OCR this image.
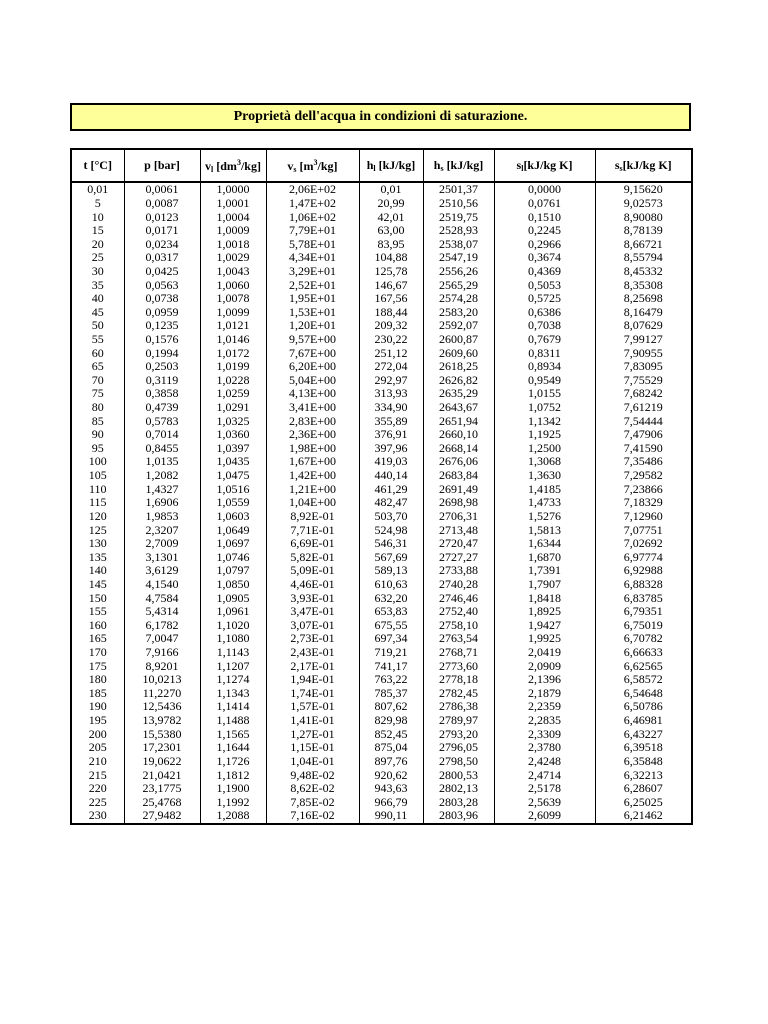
Proprietà dell'acqua in condizioni di saturazione.
t [°C]	p [bar]	$v_l$ $[dm^3/kg]$	$v_s$ $[m^3/kg]$	$h_l$ [kJ/kg]	$h_s$ [kJ/kg]	$s_l[kJ/kg$ K]	$s_s[kJ/kg$ K]
0,01	0,0061	1,0000	2,06E+02	0,01	2501,37	0,0000	9,15620
5	0,0087	1,0001	1,47E+02	20,99	2510,56	0,0761	9,02573
10	0,0123	1,0004	1,06E+02	42,01	2519,75	0,1510	8,90080
15	0,0171	1,0009	7,79E+01	63,00	2528,93	0,2245	8,78139
20	0,0234	1,0018	5,78E+01	83,95	2538,07	0,2966	8,66721
25	0,0317	1,0029	4,34E+01	104,88	2547,19	0,3674	8,55794
30	0,0425	1,0043	3,29E+01	125,78	2556,26	0,4369	8,45332
35	0,0563	1,0060	2,52E+01	146,67	2565,29	0,5053	8,35308
40	0,0738	1,0078	1,95E+01	167,56	2574,28	0,5725	8,25698
45	0,0959	1,0099	1,53E+01	188,44	2583,20	0,6386	8,16479
50	0,1235	1,0121	1,20E+01	209,32	2592,07	0,7038	8,07629
55	0,1576	1,0146	9,57E+00	230,22	2600,87	0,7679	7,99127
60	0,1994	1,0172	7,67E+00	251,12	2609,60	0,8311	7,90955
65	0,2503	1,0199	6,20E+00	272,04	2618,25	0,8934	7,83095
70	0,3119	1,0228	5,04E+00	292,97	2626,82	0,9549	7,75529
75	0,3858	1,0259	4,13E+00	313,93	2635,29	1,0155	7,68242
80	0,4739	1,0291	3,41E+00	334,90	2643,67	1,0752	7,61219
85	0,5783	1,0325	2,83E+00	355,89	2651,94	1,1342	7,54444
90	0,7014	1,0360	2,36E+00	376,91	2660,10	1,1925	7,47906
95	0,8455	1,0397	1,98E+00	397,96	2668,14	1,2500	7,41590
100	1,0135	1,0435	1,67E+00	419,03	2676,06	1,3068	7,35486
105	1,2082	1,0475	1,42E+00	440,14	2683,84	1,3630	7,29582
110	1,4327	1,0516	1,21E+00	461,29	2691,49	1,4185	7,23866
115	1,6906	1,0559	1,04E+00	482,47	2698,98	1,4733	7,18329
120	1,9853	1,0603	8,92E-01	503,70	2706,31	1,5276	7,12960
125	2,3207	1,0649	7,71E-01	524,98	2713,48	1,5813	7,07751
130	2,7009	1,0697	6,69E-01	546,31	2720,47	1,6344	7,02692
135	3,1301	1,0746	5,82E-01	567,69	2727,27	1,6870	6,97774
140	3,6129	1,0797	5,09E-01	589,13	2733,88	1,7391	6,92988
145	4,1540	1,0850	4,46E-01	610,63	2740,28	1,7907	6,88328
150	4,7584	1,0905	3,93E-01	632,20	2746,46	1,8418	6,83785
155	5,4314	1,0961	3,47E-01	653,83	2752,40	1,8925	6,79351
160	6,1782	1,1020	3,07E-01	675,55	2758,10	1,9427	6,75019
165	7,0047	1,1080	2,73E-01	697,34	2763,54	1,9925	6,70782
170	7,9166	1,1143	2,43E-01	719,21	2768,71	2,0419	6,66633
175	8,9201	1,1207	2,17E-01	741,17	2773,60	2,0909	6,62565
180	10,0213	1,1274	1,94E-01	763,22	2778,18	2,1396	6,58572
185	11,2270	1,1343	1,74E-01	785,37	2782,45	2,1879	6,54648
190	12,5436	1,1414	1,57E-01	807,62	2786,38	2,2359	6,50786
195	13,9782	1,1488	1,41E-01	829,98	2789,97	2,2835	6,46981
200	15,5380	1,1565	1,27E-01	852,45	2793,20	2,3309	6,43227
205	17,2301	1,1644	1,15E-01	875,04	2796,05	2,3780	6,39518
210	19,0622	1,1726	1,04E-01	897,76	2798,50	2,4248	6,35848
215	21,0421	1,1812	9,48E-02	920,62	2800,53	2,4714	6,32213
220	23,1775	1,1900	8,62E-02	943,63	2802,13	2,5178	6,28607
225	25,4768	1,1992	7,85E-02	966,79	2803,28	2,5639	6,25025
230	27,9482	1,2088	7,16E-02	990,11	2803,96	2,6099	6,21462
